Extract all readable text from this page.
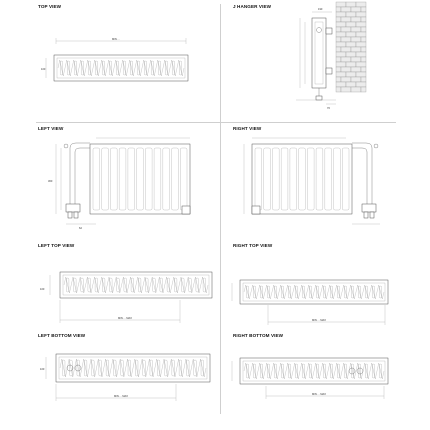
TOP VIEW	J HANGER VIEW
LEFT VIEW	RIGHT VIEW
LEFT TOP VIEW	RIGHT TOP VIEW
LEFT BOTTOM VIEW	RIGHT BOTTOM VIEW
MIN ...
100
190
70
300
62
100
MIN ... MAX
MIN ... MAX
100
MIN ... MAX
MIN ... MAX
